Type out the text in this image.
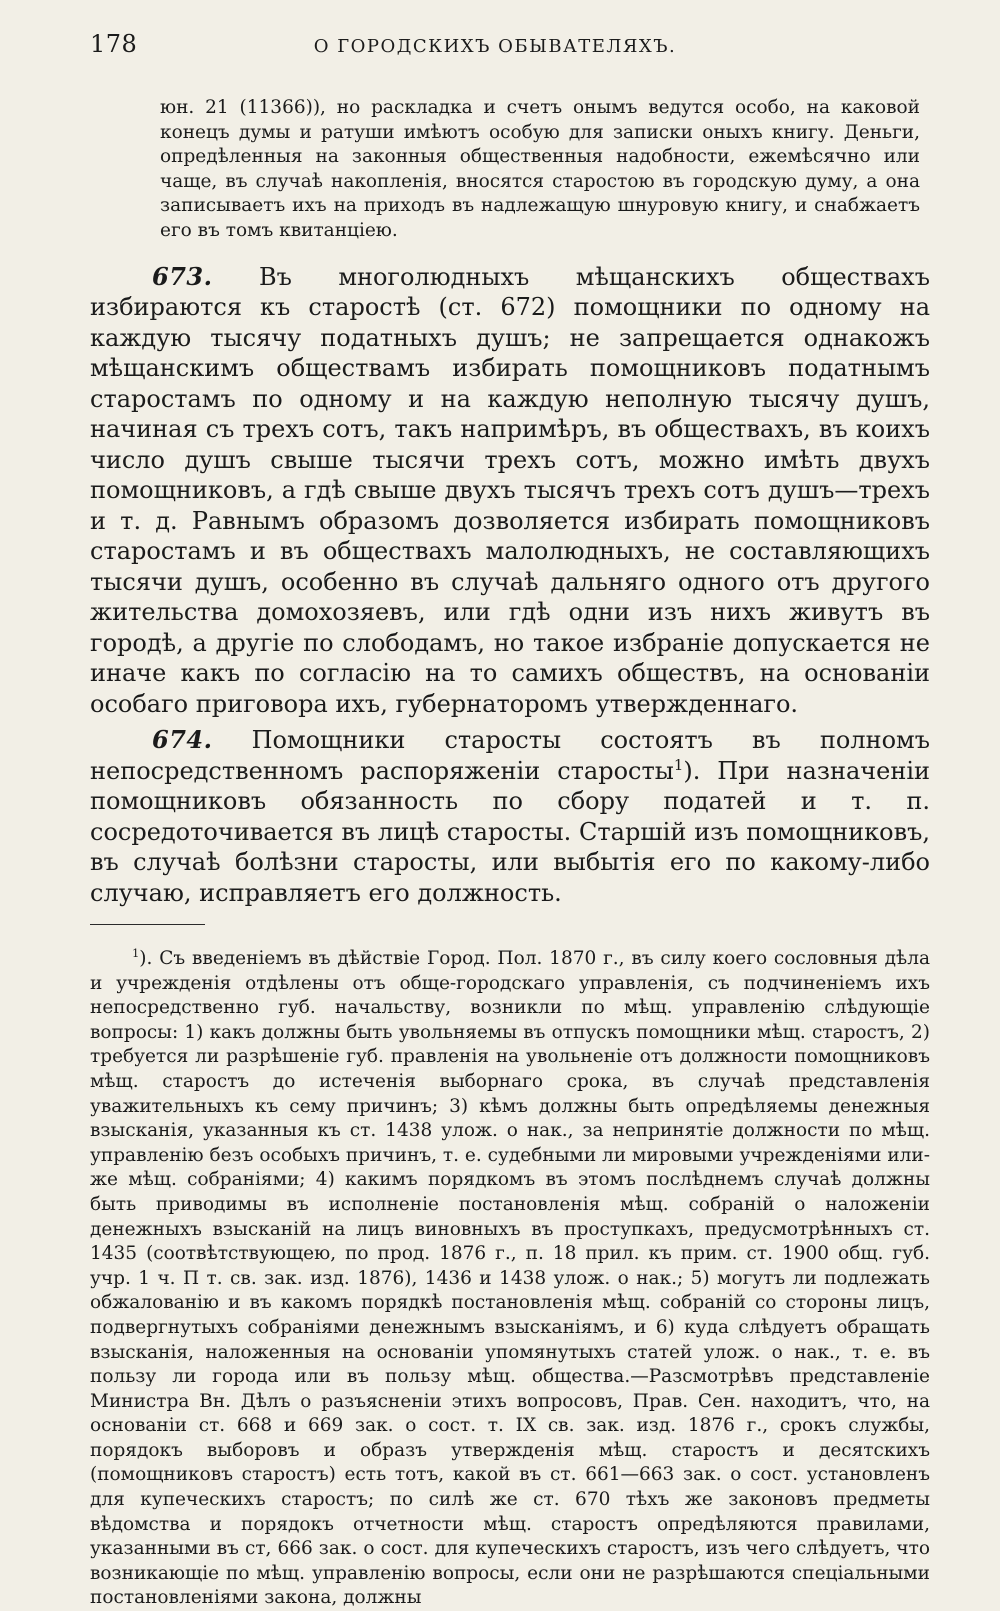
178	О ГОРОДСКИХЪ ОБЫВАТЕЛЯХЪ.

юн. 21 (11366)), но раскладка и счетъ онымъ ведутся особо, на каковой конецъ думы и ратуши имѣютъ особую для записки оныхъ книгу. Деньги, опредѣленныя на законныя общественныя надобности, ежемѣсячно или чаще, въ случаѣ накопленія, вносятся старостою въ городскую думу, а она записываетъ ихъ на приходъ въ надлежащую шнуровую книгу, и снабжаетъ его въ томъ квитанціею.

673. Въ многолюдныхъ мѣщанскихъ обществахъ избираются къ старостѣ (ст. 672) помощники по одному на каждую тысячу податныхъ душъ; не запрещается однакожъ мѣщанскимъ обществамъ избирать помощниковъ податнымъ старостамъ по одному и на каждую неполную тысячу душъ, начиная съ трехъ сотъ, такъ напримѣръ, въ обществахъ, въ коихъ число душъ свыше тысячи трехъ сотъ, можно имѣть двухъ помощниковъ, а гдѣ свыше двухъ тысячъ трехъ сотъ душъ—трехъ и т. д. Равнымъ образомъ дозволяется избирать помощниковъ старостамъ и въ обществахъ малолюдныхъ, не составляющихъ тысячи душъ, особенно въ случаѣ дальняго одного отъ другого жительства домохозяевъ, или гдѣ одни изъ нихъ живутъ въ городѣ, а другіе по слободамъ, но такое избраніе допускается не иначе какъ по согласію на то самихъ обществъ, на основаніи особаго приговора ихъ, губернаторомъ утвержденнаго.

674. Помощники старосты состоятъ въ полномъ непосредственномъ распоряженіи старосты$^1$). При назначеніи помощниковъ обязанность по сбору податей и т. п. сосредоточивается въ лицѣ старосты. Старшій изъ помощниковъ, въ случаѣ болѣзни старосты, или выбытія его по какому-либо случаю, исправляетъ его должность.

$^1$). Съ введеніемъ въ дѣйствіе Город. Пол. 1870 г., въ силу коего сословныя дѣла и учрежденія отдѣлены отъ обще-городскаго управленія, съ подчиненіемъ ихъ непосредственно губ. начальству, возникли по мѣщ. управленію слѣдующіе вопросы: 1) какъ должны быть увольняемы въ отпускъ помощники мѣщ. старостъ, 2) требуется ли разрѣшеніе губ. правленія на увольненіе отъ должности помощниковъ мѣщ. старостъ до истеченія выборнаго срока, въ случаѣ представленія уважительныхъ къ сему причинъ; 3) кѣмъ должны быть опредѣляемы денежныя взысканія, указанныя къ ст. 1438 улож. о нак., за непринятіе должности по мѣщ. управленію безъ особыхъ причинъ, т. е. судебными ли мировыми учрежденіями или-же мѣщ. собраніями; 4) какимъ порядкомъ въ этомъ послѣднемъ случаѣ должны быть приводимы въ исполненіе постановленія мѣщ. собраній о наложеніи денежныхъ взысканій на лицъ виновныхъ въ проступкахъ, предусмотрѣнныхъ ст. 1435 (соотвѣтствующею, по прод. 1876 г., п. 18 прил. къ прим. ст. 1900 общ. губ. учр. 1 ч. П т. св. зак. изд. 1876), 1436 и 1438 улож. о нак.; 5) могутъ ли подлежать обжалованію и въ какомъ порядкѣ постановленія мѣщ. собраній со стороны лицъ, подвергнутыхъ собраніями денежнымъ взысканіямъ, и 6) куда слѣдуетъ обращать взысканія, наложенныя на основаніи упомянутыхъ статей улож. о нак., т. е. въ пользу ли города или въ пользу мѣщ. общества.—Разсмотрѣвъ представленіе Министра Вн. Дѣлъ о разъясненіи этихъ вопросовъ, Прав. Сен. находитъ, что, на основаніи ст. 668 и 669 зак. о сост. т. IX св. зак. изд. 1876 г., срокъ службы, порядокъ выборовъ и образъ утвержденія мѣщ. старостъ и десятскихъ (помощниковъ старостъ) есть тотъ, какой въ ст. 661—663 зак. о сост. установленъ для купеческихъ старостъ; по силѣ же ст. 670 тѣхъ же законовъ предметы вѣдомства и порядокъ отчетности мѣщ. старостъ опредѣляются правилами, указанными въ ст, 666 зак. о сост. для купеческихъ старостъ, изъ чего слѣдуетъ, что возникающіе по мѣщ. управленію вопросы, если они не разрѣшаются спеціальными постановленіями закона, должны
